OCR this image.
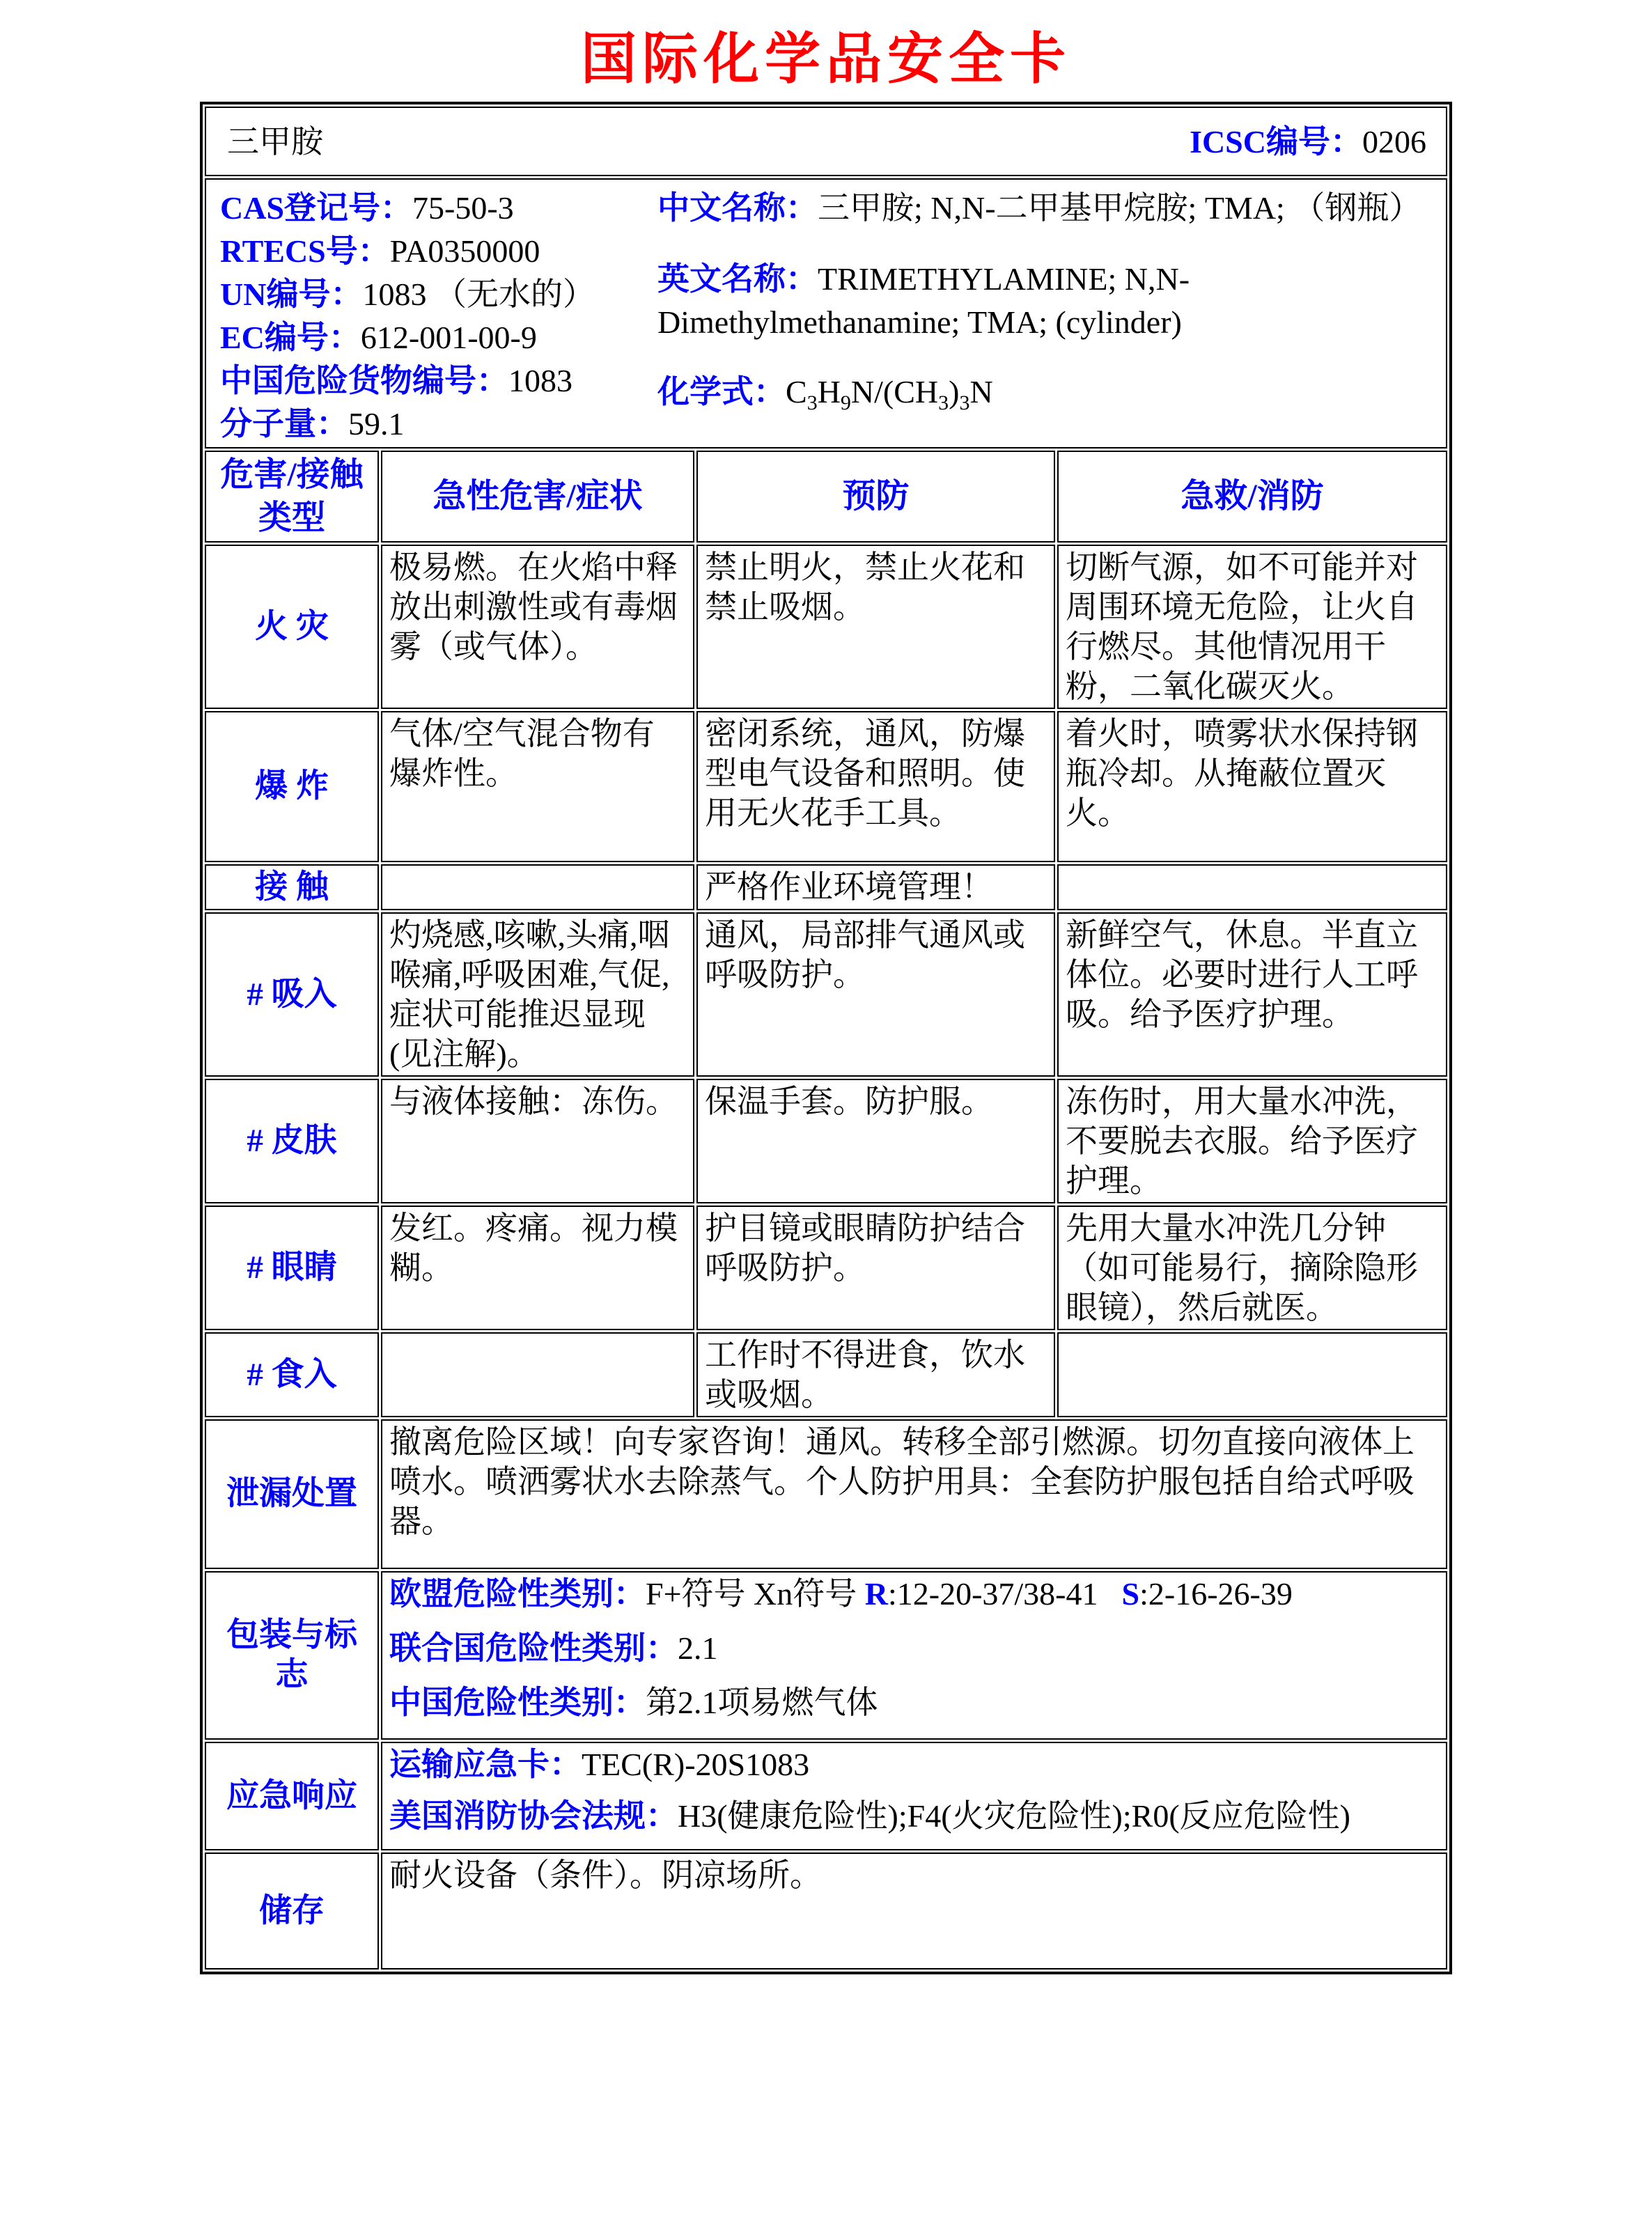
国际化学品安全卡
三甲胺 ICSC编号：0206			

CAS登记号：75-50-3
RTECS号：PA0350000
UN编号：1083 （无水的）
EC编号：612-001-00-9
中国危险货物编号：1083
分子量：59.1
中文名称：三甲胺; N,N-二甲基甲烷胺; TMA; （钢瓶）
英文名称：TRIMETHYLAMINE; N,N-Dimethylmethanamine; TMA; (cylinder)
化学式：$C_3H_9N/(CH_3)_3N$

危害/接触类型	急性危害/症状	预防	急救/消防
火 灾	极易燃。在火焰中释放出刺激性或有毒烟雾（或气体）。	禁止明火，禁止火花和禁止吸烟。	切断气源，如不可能并对周围环境无危险，让火自行燃尽。其他情况用干粉，二氧化碳灭火。
爆 炸	气体/空气混合物有爆炸性。	密闭系统，通风，防爆型电气设备和照明。使用无火花手工具。	着火时，喷雾状水保持钢瓶冷却。从掩蔽位置灭火。
接 触		严格作业环境管理！	
# 吸入	灼烧感,咳嗽,头痛,咽喉痛,呼吸困难,气促,症状可能推迟显现(见注解)。	通风，局部排气通风或呼吸防护。	新鲜空气，休息。半直立体位。必要时进行人工呼吸。给予医疗护理。
# 皮肤	与液体接触：冻伤。	保温手套。防护服。	冻伤时，用大量水冲洗，不要脱去衣服。给予医疗护理。
# 眼睛	发红。疼痛。视力模糊。	护目镜或眼睛防护结合呼吸防护。	先用大量水冲洗几分钟（如可能易行，摘除隐形眼镜），然后就医。
# 食入		工作时不得进食，饮水或吸烟。	
泄漏处置	撤离危险区域！向专家咨询！通风。转移全部引燃源。切勿直接向液体上喷水。喷洒雾状水去除蒸气。个人防护用具：全套防护服包括自给式呼吸器。		
包装与标志	欧盟危险性类别：F+符号 Xn符号 R:12-20-37/38-41 S:2-16-26-39
联合国危险性类别：2.1
中国危险性类别：第2.1项易燃气体		

应急响应	运输应急卡：TEC(R)-20S1083
美国消防协会法规：H3(健康危险性);F4(火灾危险性);R0(反应危险性)		

储存	耐火设备（条件）。阴凉场所。		
